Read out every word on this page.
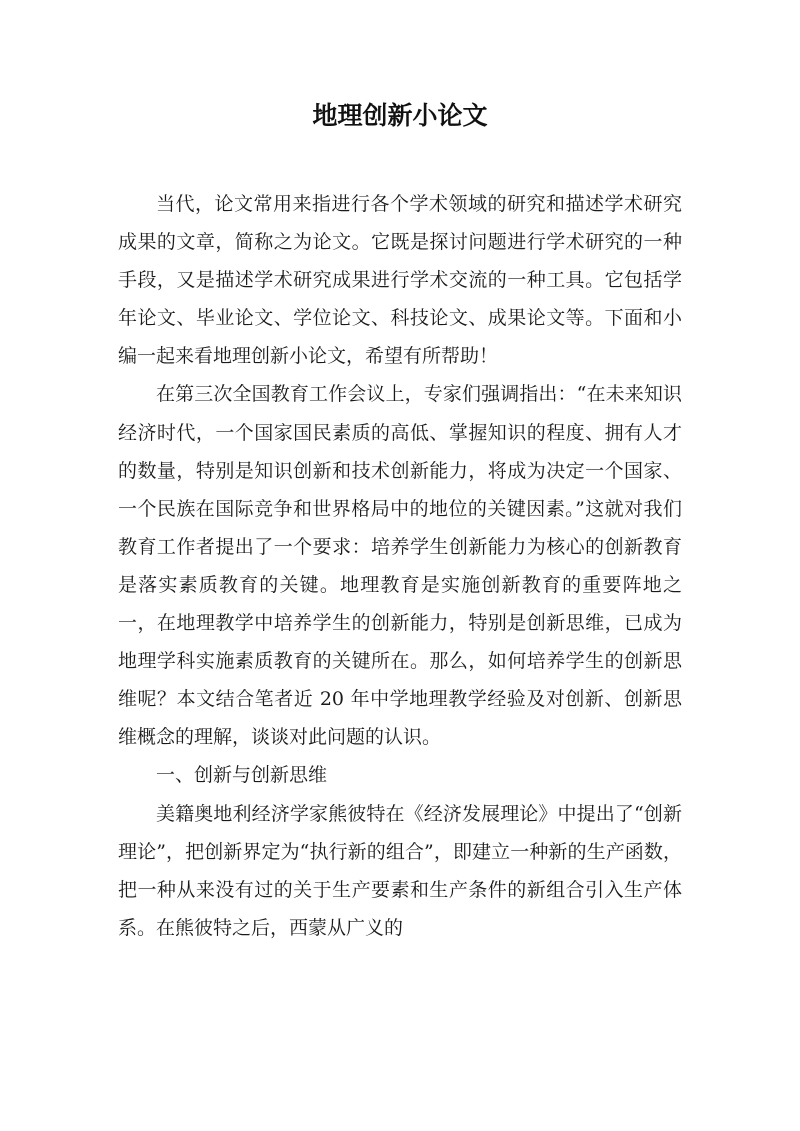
地理创新小论文

当代，论文常用来指进行各个学术领域的研究和描述学术研究成果的文章，简称之为论文。它既是探讨问题进行学术研究的一种手段，又是描述学术研究成果进行学术交流的一种工具。它包括学年论文、毕业论文、学位论文、科技论文、成果论文等。下面和小编一起来看地理创新小论文，希望有所帮助！

在第三次全国教育工作会议上，专家们强调指出：“在未来知识经济时代，一个国家国民素质的高低、掌握知识的程度、拥有人才的数量，特别是知识创新和技术创新能力，将成为决定一个国家、一个民族在国际竞争和世界格局中的地位的关键因素。”这就对我们教育工作者提出了一个要求：培养学生创新能力为核心的创新教育是落实素质教育的关键。地理教育是实施创新教育的重要阵地之一，在地理教学中培养学生的创新能力，特别是创新思维，已成为地理学科实施素质教育的关键所在。那么，如何培养学生的创新思维呢？本文结合笔者近 20 年中学地理教学经验及对创新、创新思维概念的理解，谈谈对此问题的认识。

一、创新与创新思维

美籍奥地利经济学家熊彼特在《经济发展理论》中提出了“创新理论”，把创新界定为“执行新的组合”，即建立一种新的生产函数，把一种从来没有过的关于生产要素和生产条件的新组合引入生产体系。在熊彼特之后，西蒙从广义的
